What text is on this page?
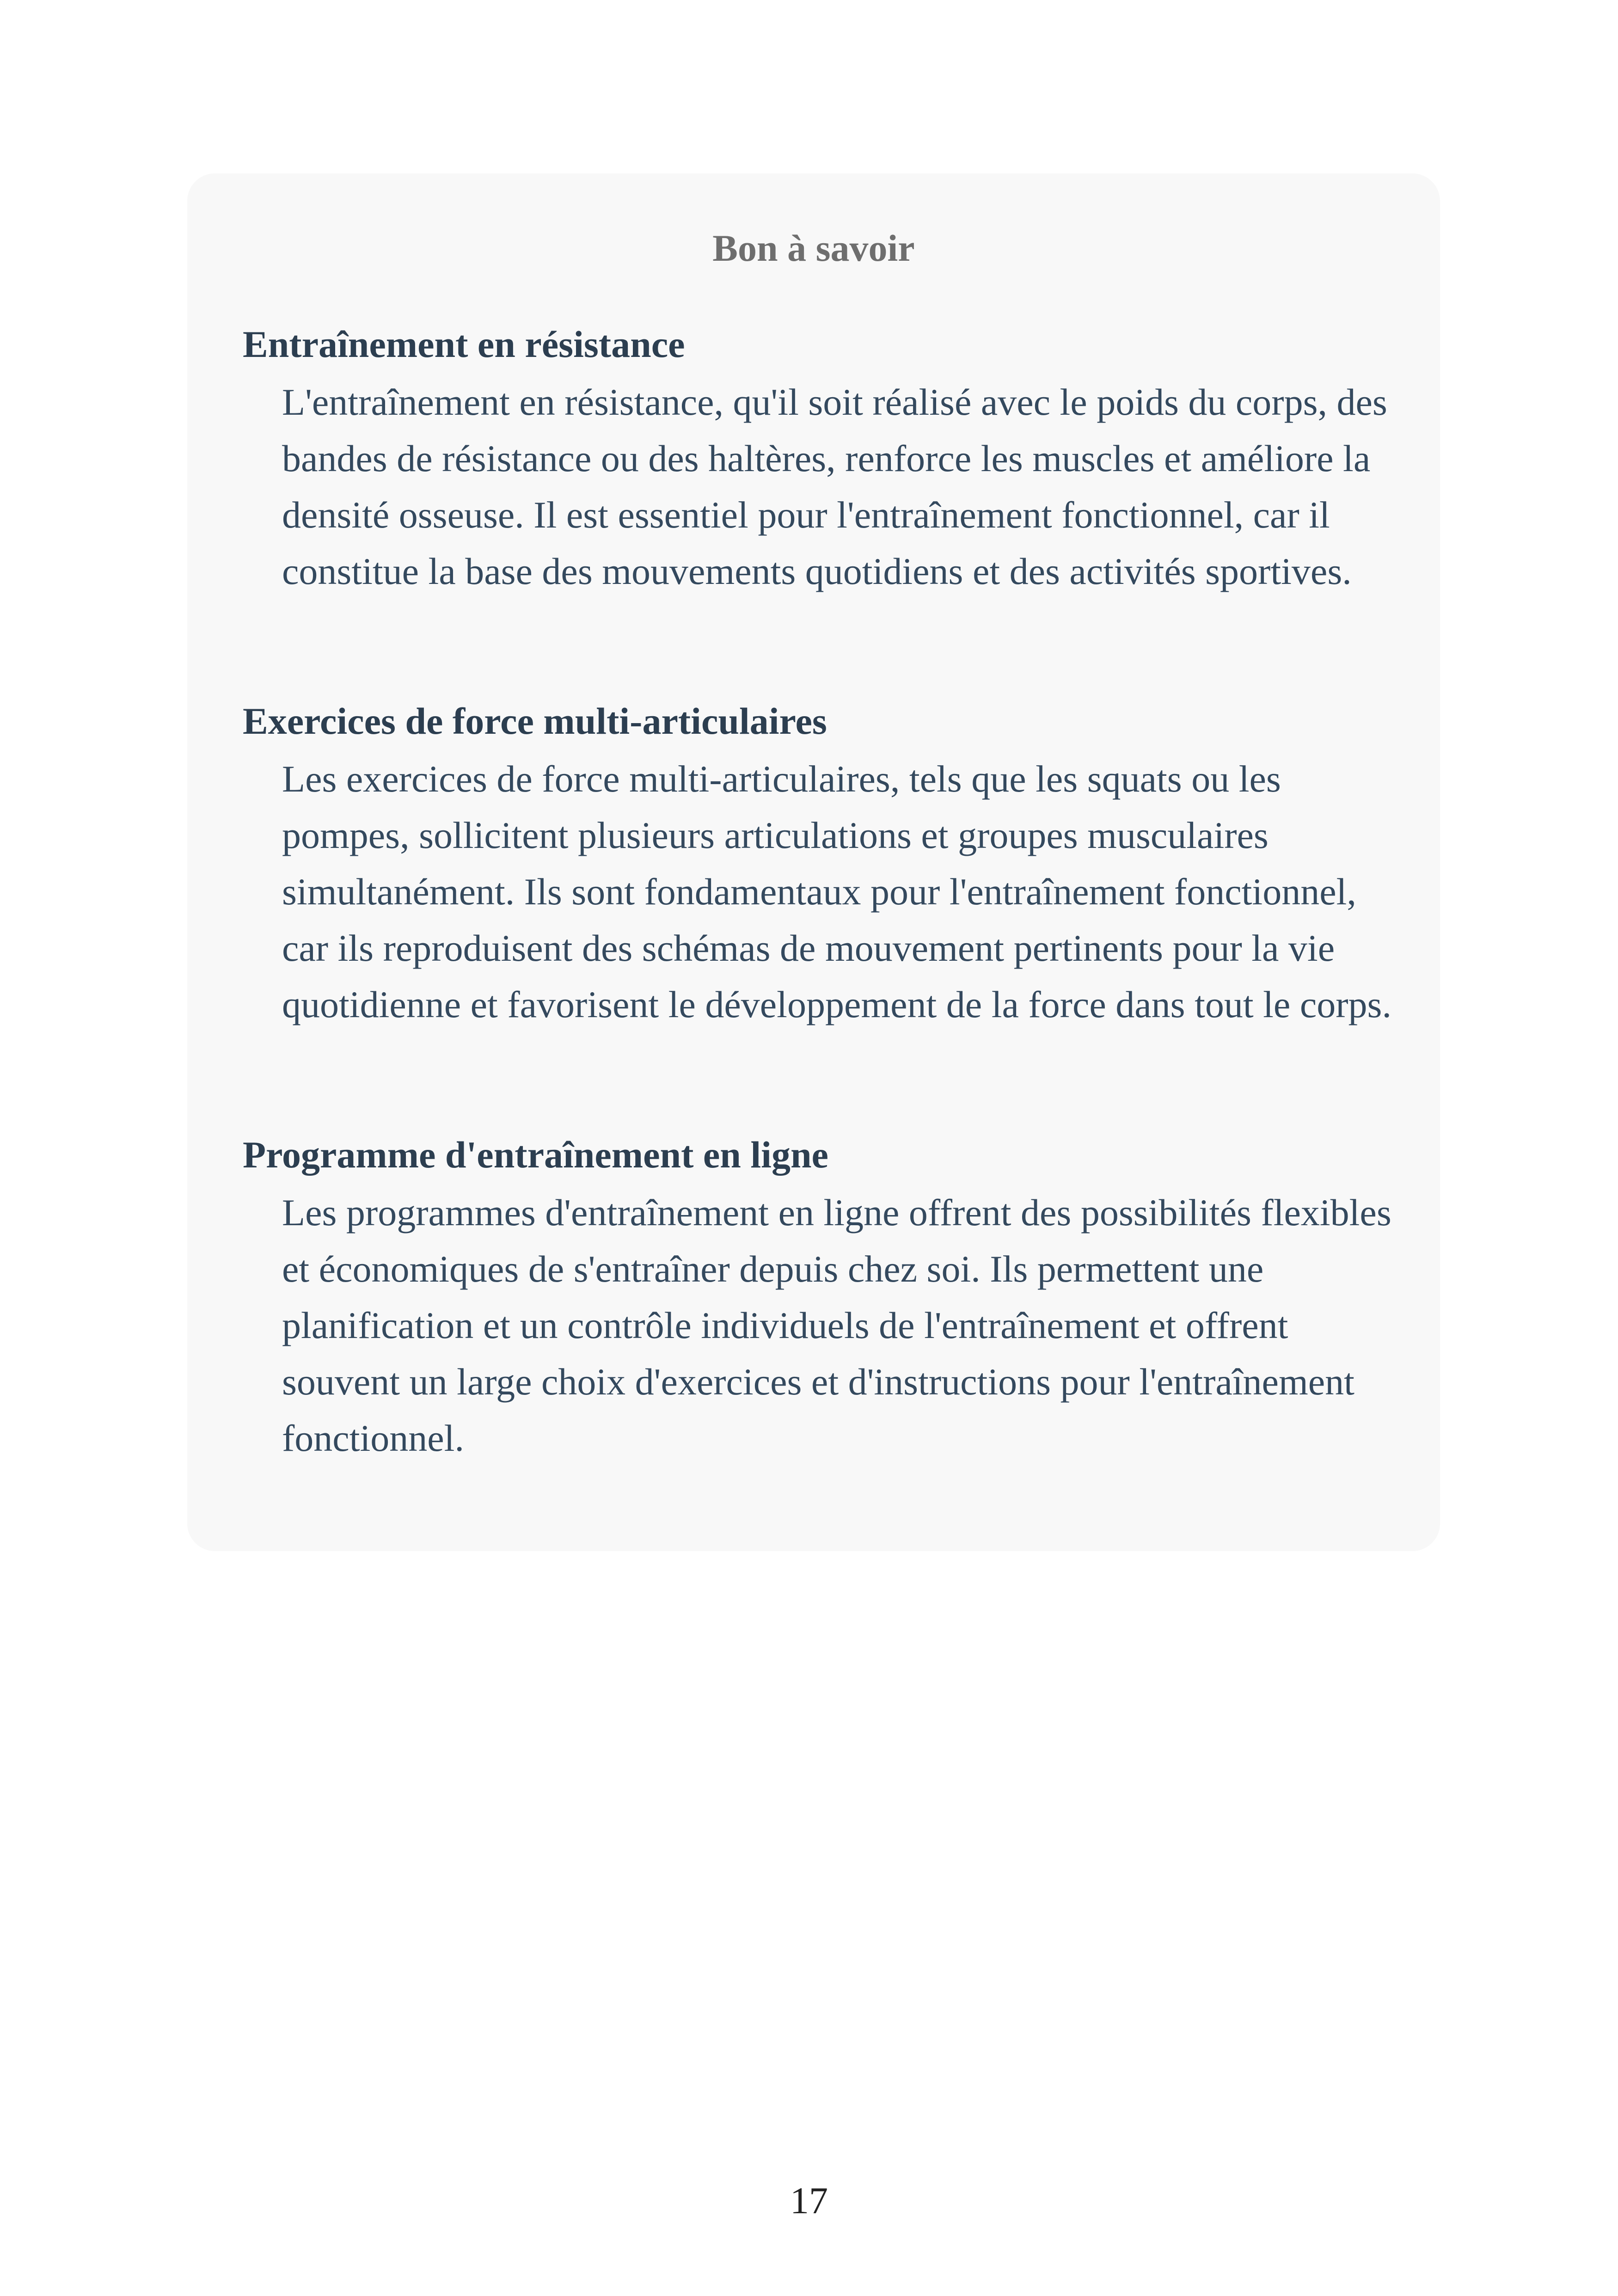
Bon à savoir

Entraînement en résistance

L'entraînement en résistance, qu'il soit réalisé avec le poids du corps, des bandes de résistance ou des haltères, renforce les muscles et améliore la densité osseuse. Il est essentiel pour l'entraînement fonctionnel, car il constitue la base des mouvements quotidiens et des activités sportives.

Exercices de force multi-articulaires

Les exercices de force multi-articulaires, tels que les squats ou les pompes, sollicitent plusieurs articulations et groupes musculaires simultanément. Ils sont fondamentaux pour l'entraînement fonctionnel, car ils reproduisent des schémas de mouvement pertinents pour la vie quotidienne et favorisent le développement de la force dans tout le corps.

Programme d'entraînement en ligne

Les programmes d'entraînement en ligne offrent des possibilités flexibles et économiques de s'entraîner depuis chez soi. Ils permettent une planification et un contrôle individuels de l'entraînement et offrent souvent un large choix d'exercices et d'instructions pour l'entraînement fonctionnel.

17
